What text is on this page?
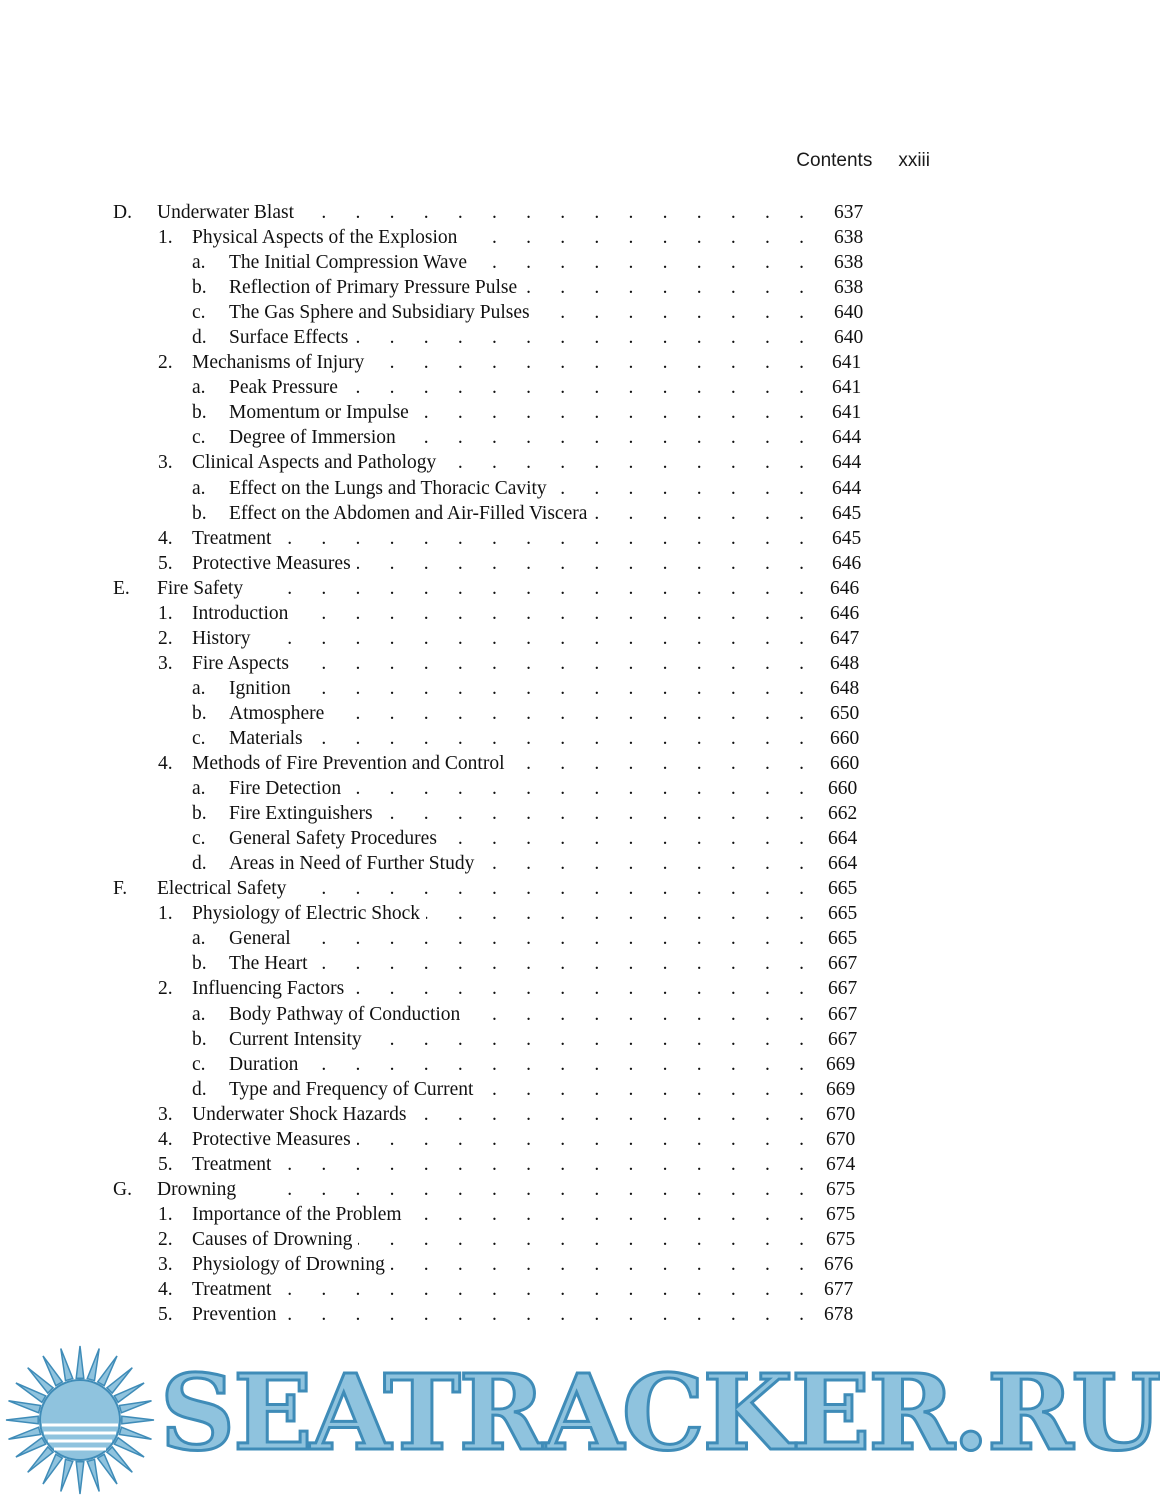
Contents xxiii
D. . Underwater Blast	637
1. . Physical Aspects of the Explosion	638
a. . The Initial Compression Wave	638
b. . Reflection of Primary Pressure Pulse	638
c. . The Gas Sphere and Subsidiary Pulses	640
d. . Surface Effects	640
2. . Mechanisms of Injury	641
a. . Peak Pressure	641
b. . Momentum or Impulse	641
c. . Degree of Immersion	644
3. . Clinical Aspects and Pathology	644
a. . Effect on the Lungs and Thoracic Cavity	644
b. . Effect on the Abdomen and Air-Filled Viscera	645
4. . Treatment	645
5. . Protective Measures	646
E. . Fire Safety	646
1. . Introduction	646
2. . History	647
3. . Fire Aspects	648
a. . Ignition	648
b. . Atmosphere	650
c. . Materials	660
4. . Methods of Fire Prevention and Control	660
a. . Fire Detection	660
b. . Fire Extinguishers	662
c. . General Safety Procedures	664
d. . Areas in Need of Further Study	664
F. . Electrical Safety	665
1. . Physiology of Electric Shock	665
a. . General	665
b. . The Heart	667
2. . Influencing Factors	667
a. . Body Pathway of Conduction	667
b. . Current Intensity	667
c. . Duration	669
d. . Type and Frequency of Current	669
3. . Underwater Shock Hazards	670
4. . Protective Measures	670
5. . Treatment	674
G. . Drowning	675
1. . Importance of the Problem	675
2. . Causes of Drowning	675
3. . Physiology of Drowning	676
4. . Treatment	677
5. . Prevention	678
SEATRACKER.RU
